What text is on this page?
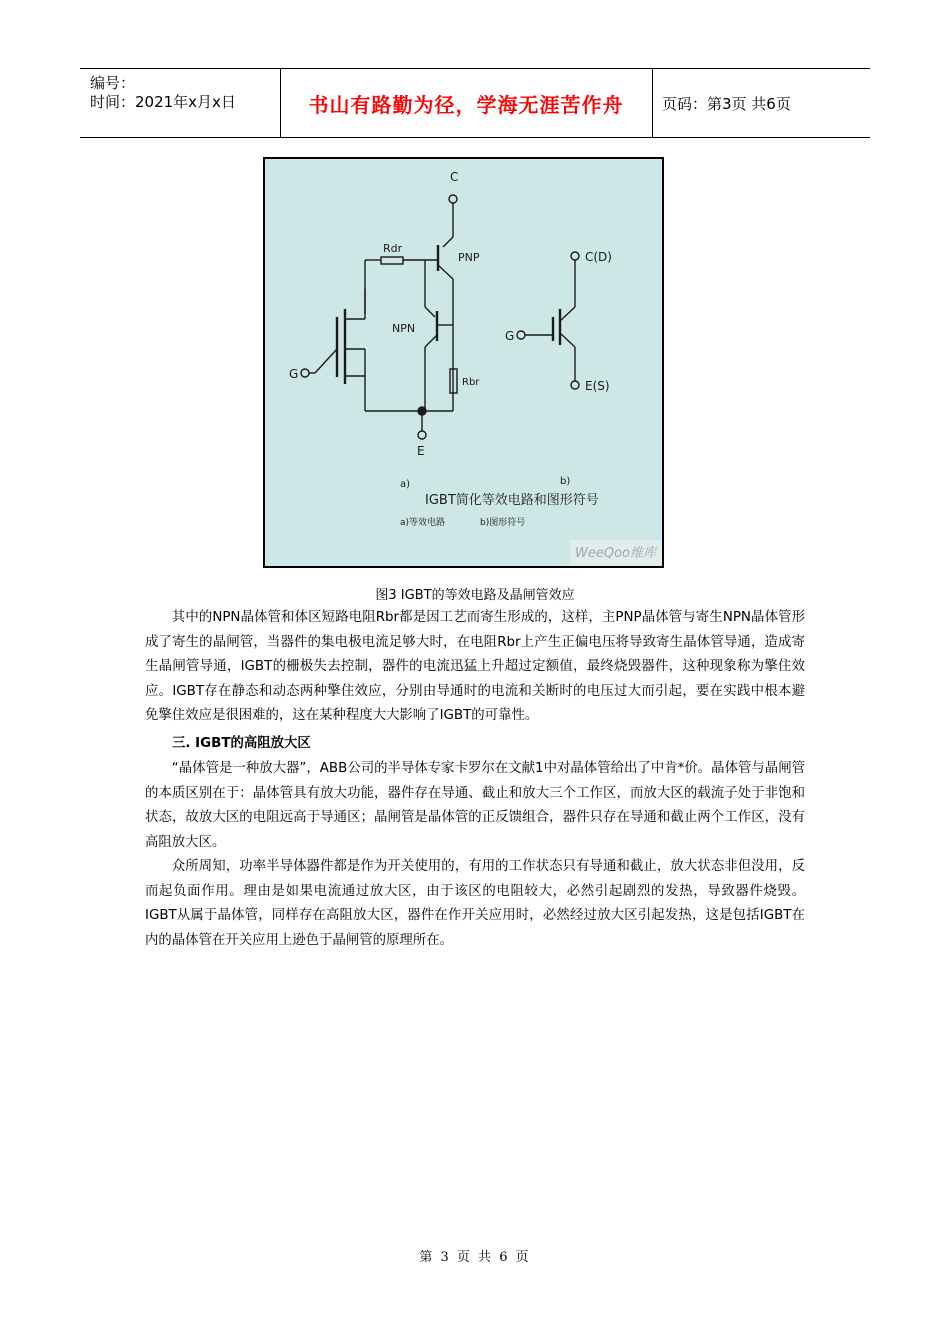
编号：
时间：2021年x月x日	书山有路勤为径，学海无涯苦作舟	页码：第3页 共6页
C
PNP
Rdr
NPN
Rbr
G
E
C(D)
G
E(S)
a)	b)
IGBT简化等效电路和图形符号
a)等效电路	b)图形符号
WeeQoo维库
图3 IGBT的等效电路及晶闸管效应

其中的NPN晶体管和体区短路电阻Rbr都是因工艺而寄生形成的，这样，主PNP晶体管与寄生NPN晶体管形成了寄生的晶闸管，当器件的集电极电流足够大时，在电阻Rbr上产生正偏电压将导致寄生晶体管导通，造成寄生晶闸管导通，IGBT的栅极失去控制，器件的电流迅猛上升超过定额值，最终烧毁器件，这种现象称为擎住效应。IGBT存在静态和动态两种擎住效应，分别由导通时的电流和关断时的电压过大而引起，要在实践中根本避免擎住效应是很困难的，这在某种程度大大影响了IGBT的可靠性。

三. IGBT的高阻放大区

“晶体管是一种放大器”，ABB公司的半导体专家卡罗尔在文献1中对晶体管给出了中肯*价。晶体管与晶闸管的本质区别在于：晶体管具有放大功能，器件存在导通、截止和放大三个工作区，而放大区的载流子处于非饱和状态，故放大区的电阻远高于导通区；晶闸管是晶体管的正反馈组合，器件只存在导通和截止两个工作区，没有高阻放大区。

众所周知，功率半导体器件都是作为开关使用的，有用的工作状态只有导通和截止，放大状态非但没用，反而起负面作用。理由是如果电流通过放大区，由于该区的电阻较大，必然引起剧烈的发热，导致器件烧毁。IGBT从属于晶体管，同样存在高阻放大区，器件在作开关应用时，必然经过放大区引起发热，这是包括IGBT在内的晶体管在开关应用上逊色于晶闸管的原理所在。

第 3 页 共 6 页
